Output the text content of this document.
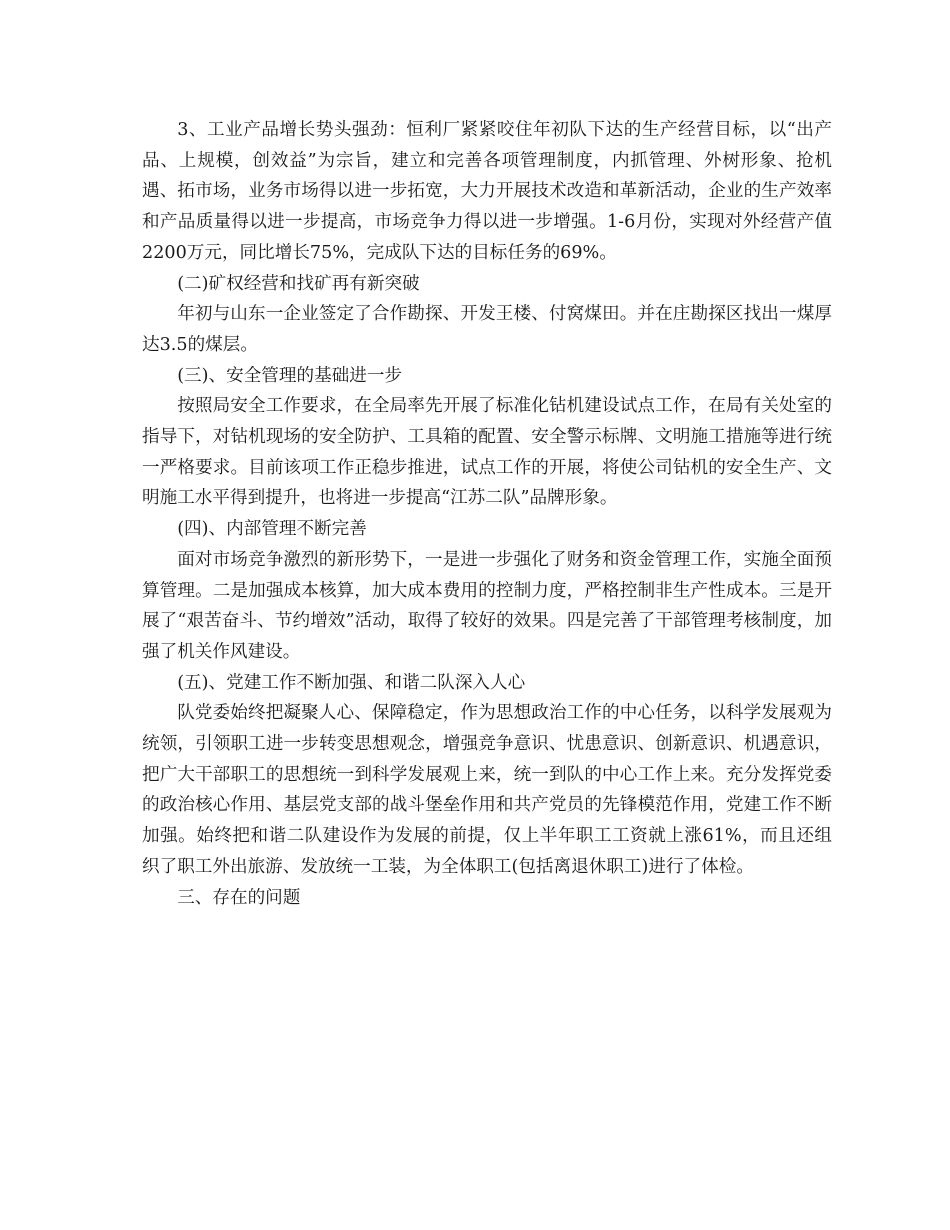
3、工业产品增长势头强劲：恒利厂紧紧咬住年初队下达的生产经营目标，以“出产品、上规模，创效益”为宗旨，建立和完善各项管理制度，内抓管理、外树形象、抢机遇、拓市场，业务市场得以进一步拓宽，大力开展技术改造和革新活动，企业的生产效率和产品质量得以进一步提高，市场竞争力得以进一步增强。1-6月份，实现对外经营产值2200万元，同比增长75%，完成队下达的目标任务的69%。

(二)矿权经营和找矿再有新突破

年初与山东一企业签定了合作勘探、开发王楼、付窝煤田。并在庄勘探区找出一煤厚达3.5的煤层。

(三)、安全管理的基础进一步

按照局安全工作要求，在全局率先开展了标准化钻机建设试点工作，在局有关处室的指导下，对钻机现场的安全防护、工具箱的配置、安全警示标牌、文明施工措施等进行统一严格要求。目前该项工作正稳步推进，试点工作的开展，将使公司钻机的安全生产、文明施工水平得到提升，也将进一步提高“江苏二队”品牌形象。

(四)、内部管理不断完善

面对市场竞争激烈的新形势下，一是进一步强化了财务和资金管理工作，实施全面预算管理。二是加强成本核算，加大成本费用的控制力度，严格控制非生产性成本。三是开展了“艰苦奋斗、节约增效”活动，取得了较好的效果。四是完善了干部管理考核制度，加强了机关作风建设。

(五)、党建工作不断加强、和谐二队深入人心

队党委始终把凝聚人心、保障稳定，作为思想政治工作的中心任务，以科学发展观为统领，引领职工进一步转变思想观念，增强竞争意识、忧患意识、创新意识、机遇意识，把广大干部职工的思想统一到科学发展观上来，统一到队的中心工作上来。充分发挥党委的政治核心作用、基层党支部的战斗堡垒作用和共产党员的先锋模范作用，党建工作不断加强。始终把和谐二队建设作为发展的前提，仅上半年职工工资就上涨61%，而且还组织了职工外出旅游、发放统一工装，为全体职工(包括离退休职工)进行了体检。

三、存在的问题
